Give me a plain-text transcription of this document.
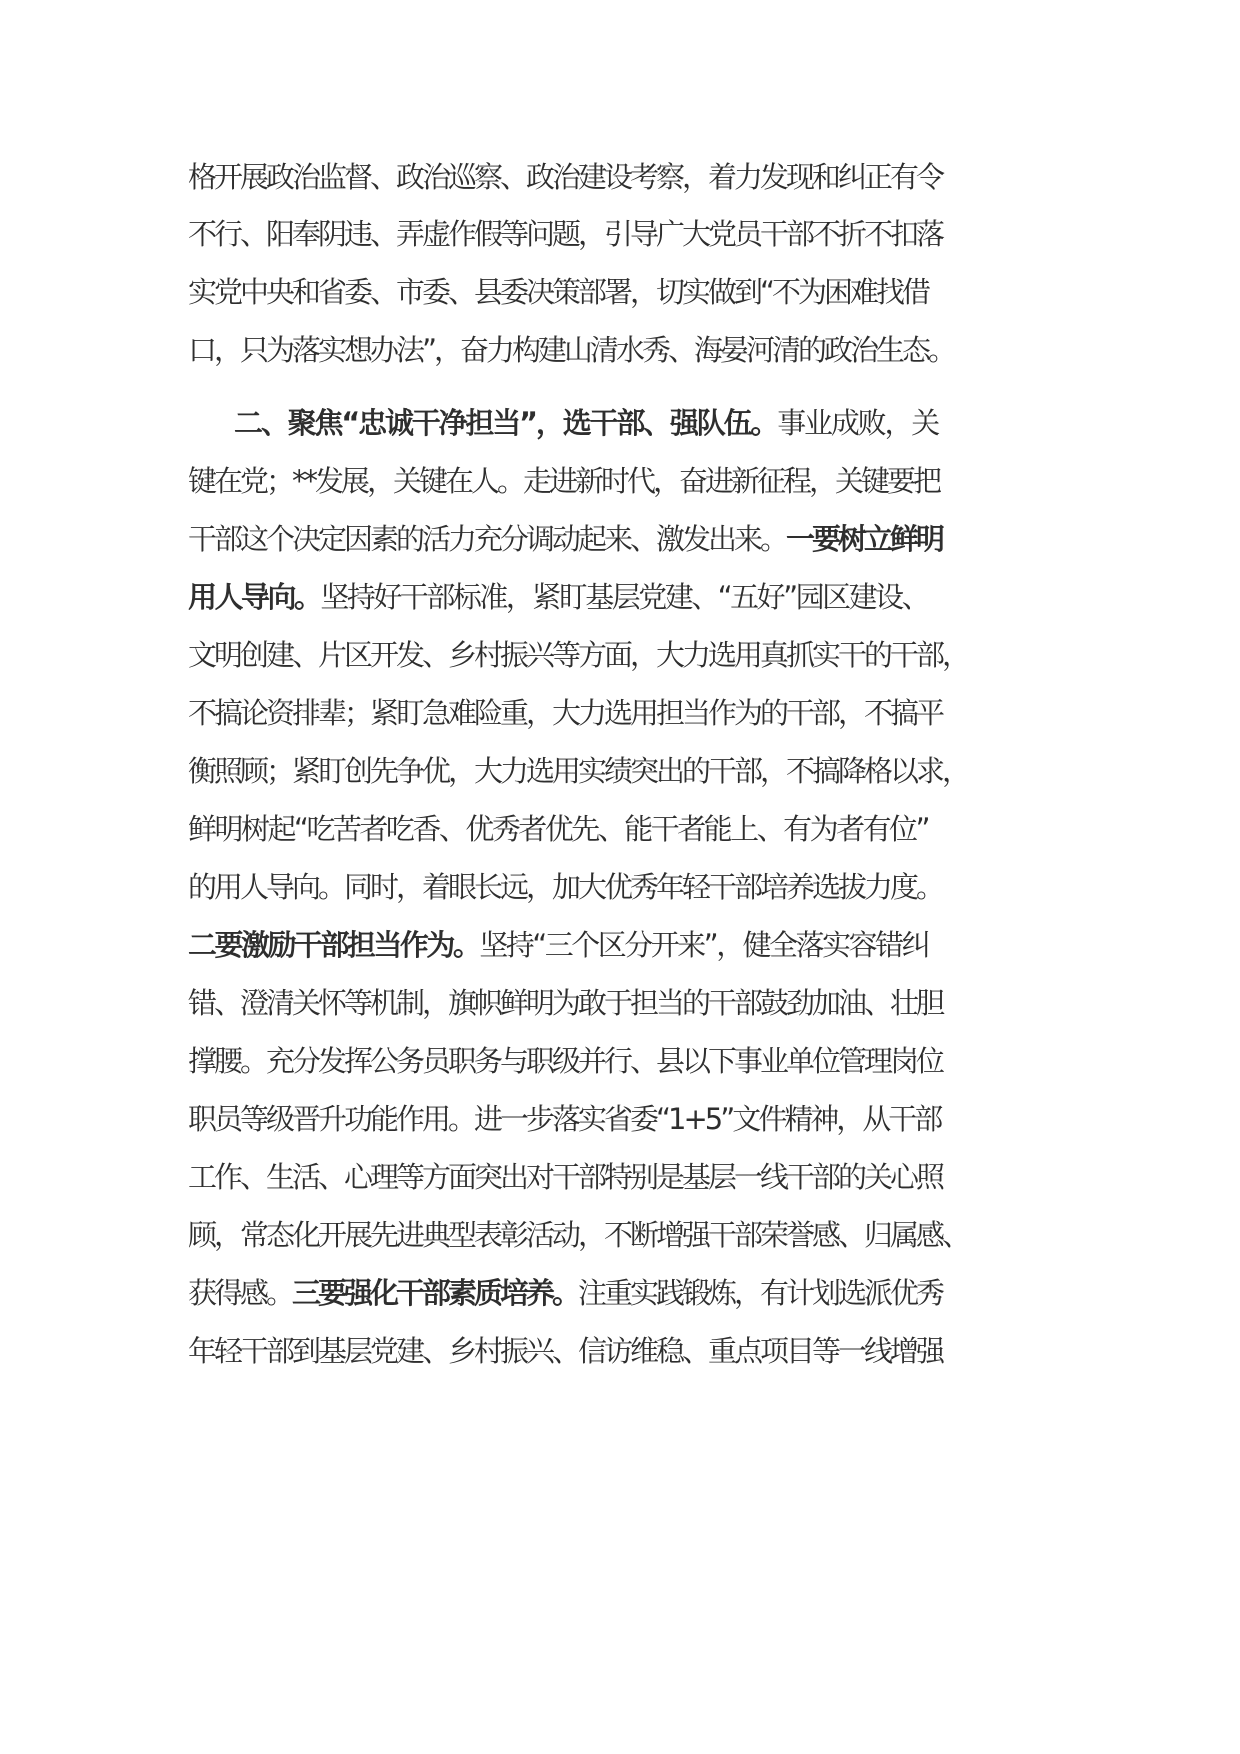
格开展政治监督、政治巡察、政治建设考察，着力发现和纠正有令
不行、阳奉阴违、弄虚作假等问题，引导广大党员干部不折不扣落
实党中央和省委、市委、县委决策部署，切实做到“不为困难找借
口，只为落实想办法”，奋力构建山清水秀、海晏河清的政治生态。
二、聚焦“忠诚干净担当”，选干部、强队伍。事业成败，关
键在党；**发展，关键在人。走进新时代，奋进新征程，关键要把
干部这个决定因素的活力充分调动起来、激发出来。一要树立鲜明
用人导向。坚持好干部标准，紧盯基层党建、“五好”园区建设、
文明创建、片区开发、乡村振兴等方面，大力选用真抓实干的干部，
不搞论资排辈；紧盯急难险重，大力选用担当作为的干部，不搞平
衡照顾；紧盯创先争优，大力选用实绩突出的干部，不搞降格以求，
鲜明树起“吃苦者吃香、优秀者优先、能干者能上、有为者有位”
的用人导向。同时，着眼长远，加大优秀年轻干部培养选拔力度。
二要激励干部担当作为。坚持“三个区分开来”，健全落实容错纠
错、澄清关怀等机制，旗帜鲜明为敢于担当的干部鼓劲加油、壮胆
撑腰。充分发挥公务员职务与职级并行、县以下事业单位管理岗位
职员等级晋升功能作用。进一步落实省委“1+5”文件精神，从干部
工作、生活、心理等方面突出对干部特别是基层一线干部的关心照
顾，常态化开展先进典型表彰活动，不断增强干部荣誉感、归属感、
获得感。三要强化干部素质培养。注重实践锻炼，有计划选派优秀
年轻干部到基层党建、乡村振兴、信访维稳、重点项目等一线增强
